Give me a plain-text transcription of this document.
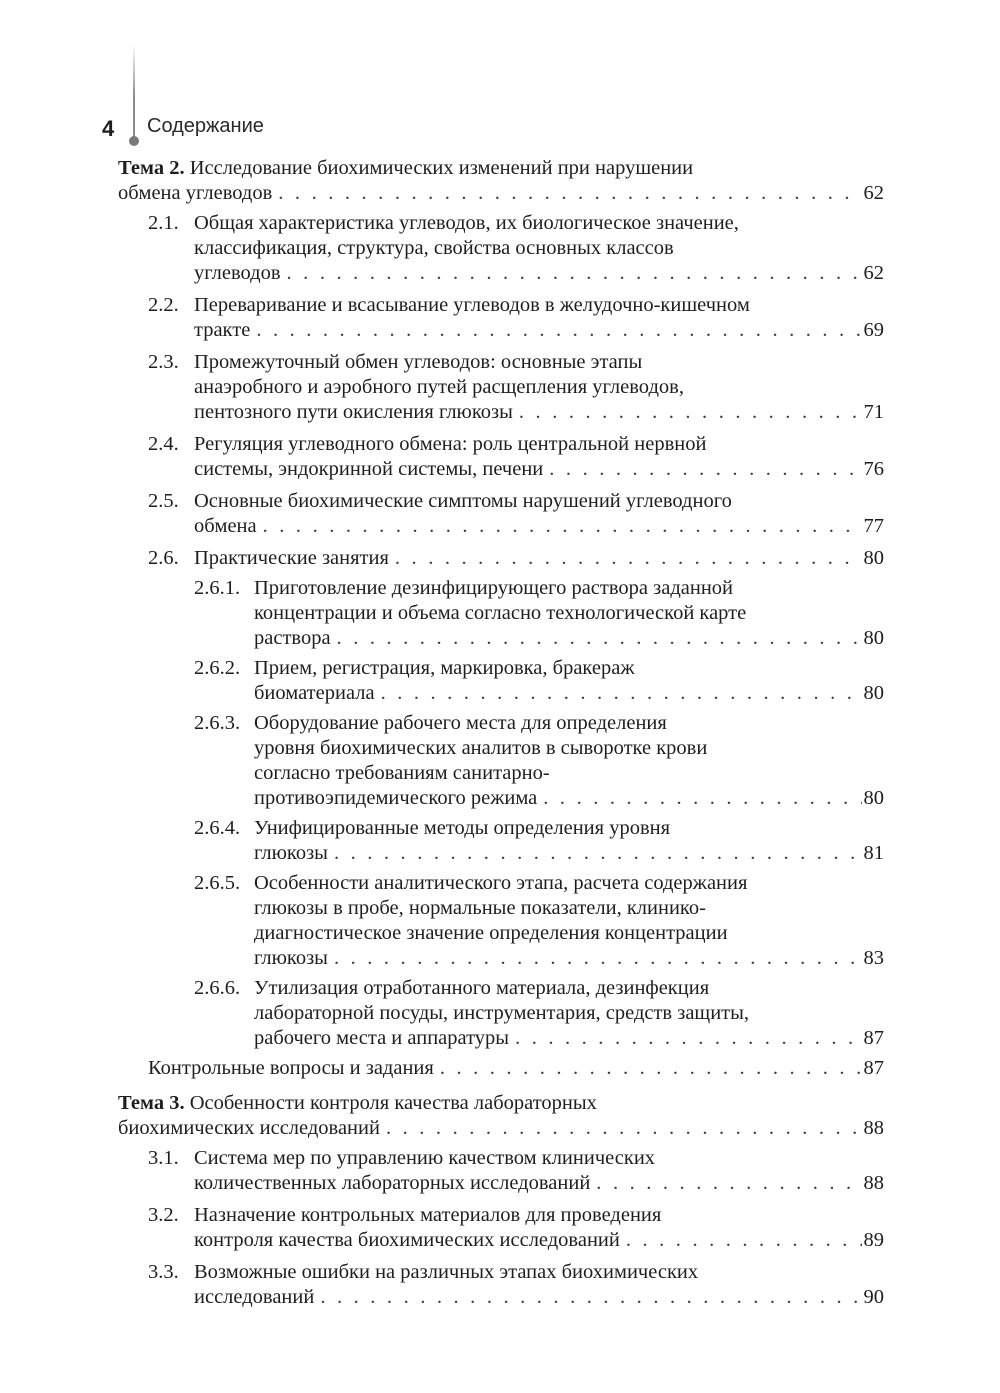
4 Содержание
Тема 2. Исследование биохимических изменений при нарушении
обмена углеводов . . .	62
2.1. Общая характеристика углеводов, их биологическое значение,
классификация, структура, свойства основных классов
углеводов . . .	62
2.2. Переваривание и всасывание углеводов в желудочно-кишечном
тракте . . .	69
2.3. Промежуточный обмен углеводов: основные этапы
анаэробного и аэробного путей расщепления углеводов,
пентозного пути окисления глюкозы . . .	71
2.4. Регуляция углеводного обмена: роль центральной нервной
системы, эндокринной системы, печени . . .	76
2.5. Основные биохимические симптомы нарушений углеводного
обмена . . .	77
2.6. Практические занятия . . .	80
2.6.1. Приготовление дезинфицирующего раствора заданной
концентрации и объема согласно технологической карте
раствора . . .	80
2.6.2. Прием, регистрация, маркировка, бракераж
биоматериала . . .	80
2.6.3. Оборудование рабочего места для определения
уровня биохимических аналитов в сыворотке крови
согласно требованиям санитарно-
противоэпидемического режима . . .	80
2.6.4. Унифицированные методы определения уровня
глюкозы . . .	81
2.6.5. Особенности аналитического этапа, расчета содержания
глюкозы в пробе, нормальные показатели, клинико-
диагностическое значение определения концентрации
глюкозы . . .	83
2.6.6. Утилизация отработанного материала, дезинфекция
лабораторной посуды, инструментария, средств защиты,
рабочего места и аппаратуры . . .	87
Контрольные вопросы и задания . . .	87
Тема 3. Особенности контроля качества лабораторных
биохимических исследований . . .	88
3.1. Система мер по управлению качеством клинических
количественных лабораторных исследований . . .	88
3.2. Назначение контрольных материалов для проведения
контроля качества биохимических исследований . . .	89
3.3. Возможные ошибки на различных этапах биохимических
исследований . . .	90
